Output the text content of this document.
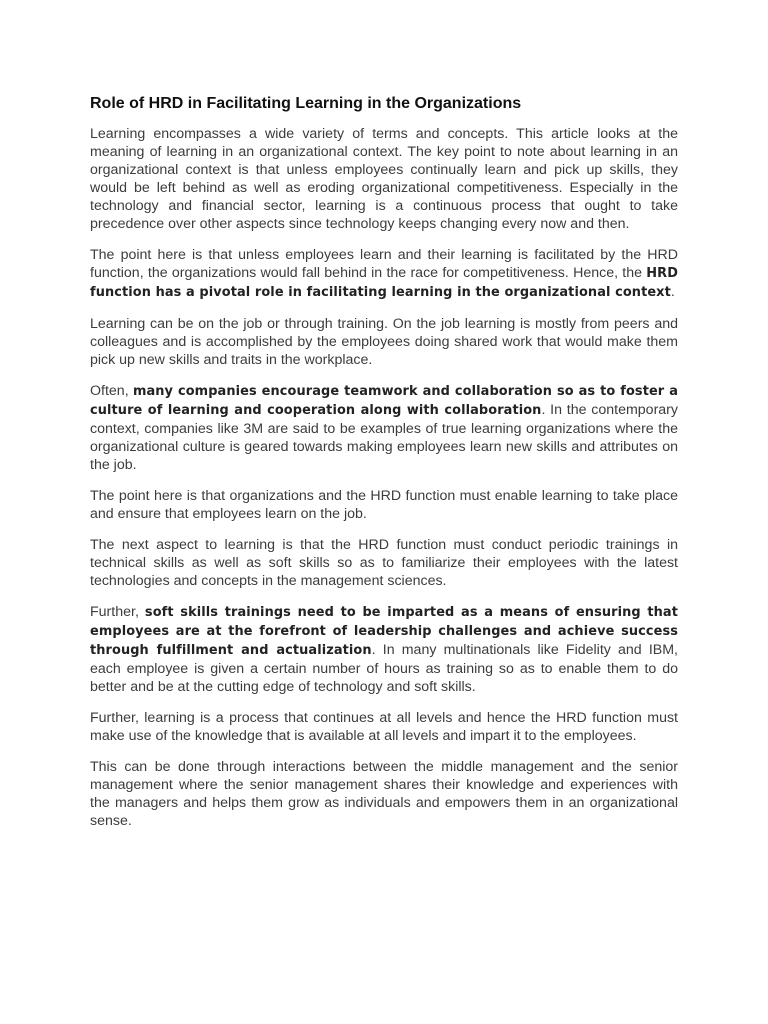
Role of HRD in Facilitating Learning in the Organizations

Learning encompasses a wide variety of terms and concepts. This article looks at the meaning of learning in an organizational context. The key point to note about learning in an organizational context is that unless employees continually learn and pick up skills, they would be left behind as well as eroding organizational competitiveness. Especially in the technology and financial sector, learning is a continuous process that ought to take precedence over other aspects since technology keeps changing every now and then.

The point here is that unless employees learn and their learning is facilitated by the HRD function, the organizations would fall behind in the race for competitiveness. Hence, the HRD function has a pivotal role in facilitating learning in the organizational context.

Learning can be on the job or through training. On the job learning is mostly from peers and colleagues and is accomplished by the employees doing shared work that would make them pick up new skills and traits in the workplace.

Often, many companies encourage teamwork and collaboration so as to foster a culture of learning and cooperation along with collaboration. In the contemporary context, companies like 3M are said to be examples of true learning organizations where the organizational culture is geared towards making employees learn new skills and attributes on the job.

The point here is that organizations and the HRD function must enable learning to take place and ensure that employees learn on the job.

The next aspect to learning is that the HRD function must conduct periodic trainings in technical skills as well as soft skills so as to familiarize their employees with the latest technologies and concepts in the management sciences.

Further, soft skills trainings need to be imparted as a means of ensuring that employees are at the forefront of leadership challenges and achieve success through fulfillment and actualization. In many multinationals like Fidelity and IBM, each employee is given a certain number of hours as training so as to enable them to do better and be at the cutting edge of technology and soft skills.

Further, learning is a process that continues at all levels and hence the HRD function must make use of the knowledge that is available at all levels and impart it to the employees.

This can be done through interactions between the middle management and the senior management where the senior management shares their knowledge and experiences with the managers and helps them grow as individuals and empowers them in an organizational sense.
